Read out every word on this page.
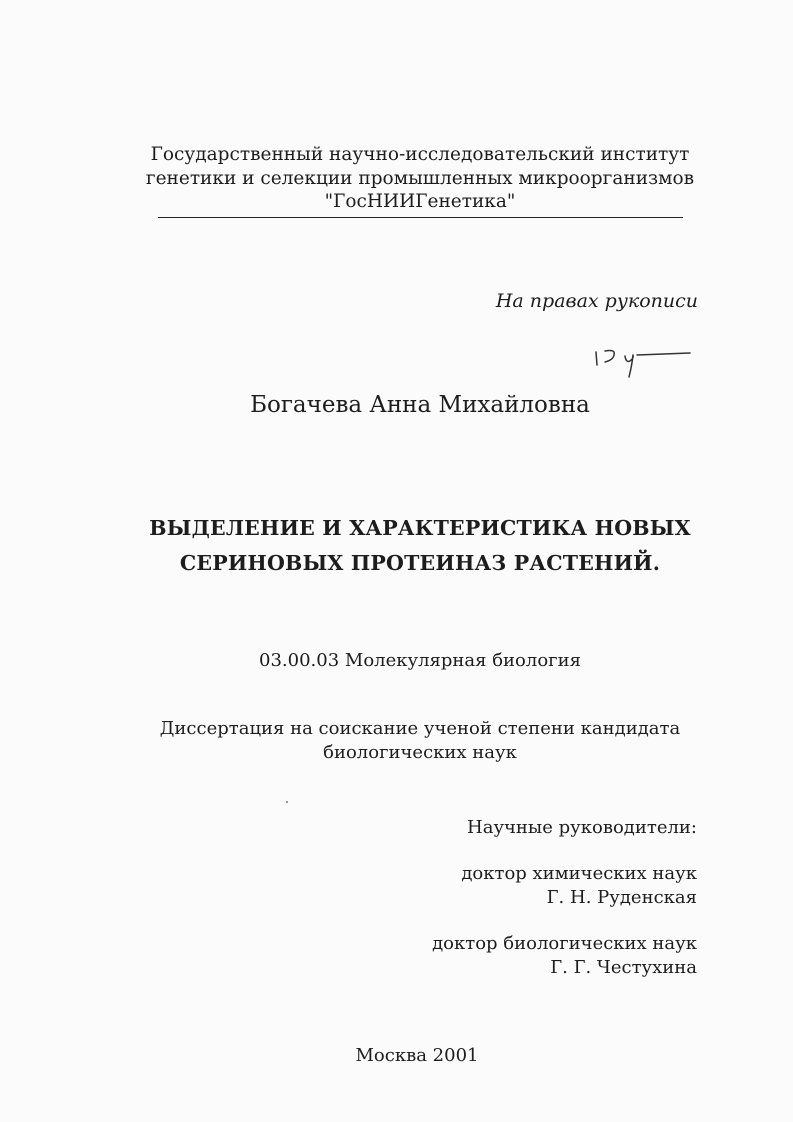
Государственный научно-исследовательский институт
генетики и селекции промышленных микроорганизмов
"ГосНИИГенетика"
На правах рукописи
Богачева Анна Михайловна
ВЫДЕЛЕНИЕ И ХАРАКТЕРИСТИКА НОВЫХ
СЕРИНОВЫХ ПРОТЕИНАЗ РАСТЕНИЙ.
03.00.03 Молекулярная биология
Диссертация на соискание ученой степени кандидата
биологических наук
Научные руководители:
доктор химических наук
Г. Н. Руденская
доктор биологических наук
Г. Г. Честухина
Москва 2001
